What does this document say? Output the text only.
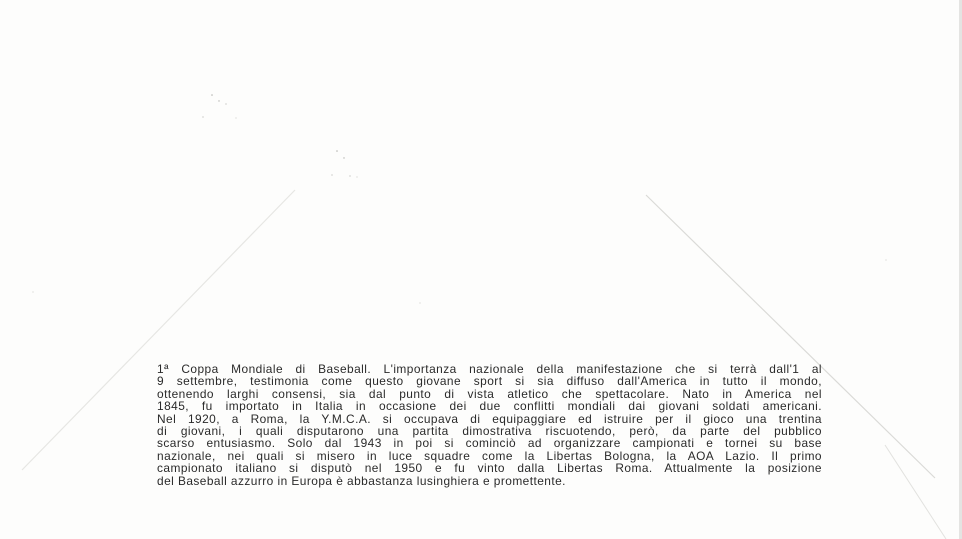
1ª Coppa Mondiale di Baseball. L'importanza nazionale della manifestazione che si terrà dall'1 al
9 settembre, testimonia come questo giovane sport si sia diffuso dall'America in tutto il mondo,
ottenendo larghi consensi, sia dal punto di vista atletico che spettacolare. Nato in America nel
1845, fu importato in Italia in occasione dei due conflitti mondiali dai giovani soldati americani.
Nel 1920, a Roma, la Y.M.C.A. si occupava di equipaggiare ed istruire per il gioco una trentina
di giovani, i quali disputarono una partita dimostrativa riscuotendo, però, da parte del pubblico
scarso entusiasmo. Solo dal 1943 in poi si cominciò ad organizzare campionati e tornei su base
nazionale, nei quali si misero in luce squadre come la Libertas Bologna, la AOA Lazio. Il primo
campionato italiano si disputò nel 1950 e fu vinto dalla Libertas Roma. Attualmente la posizione
del Baseball azzurro in Europa è abbastanza lusinghiera e promettente.
